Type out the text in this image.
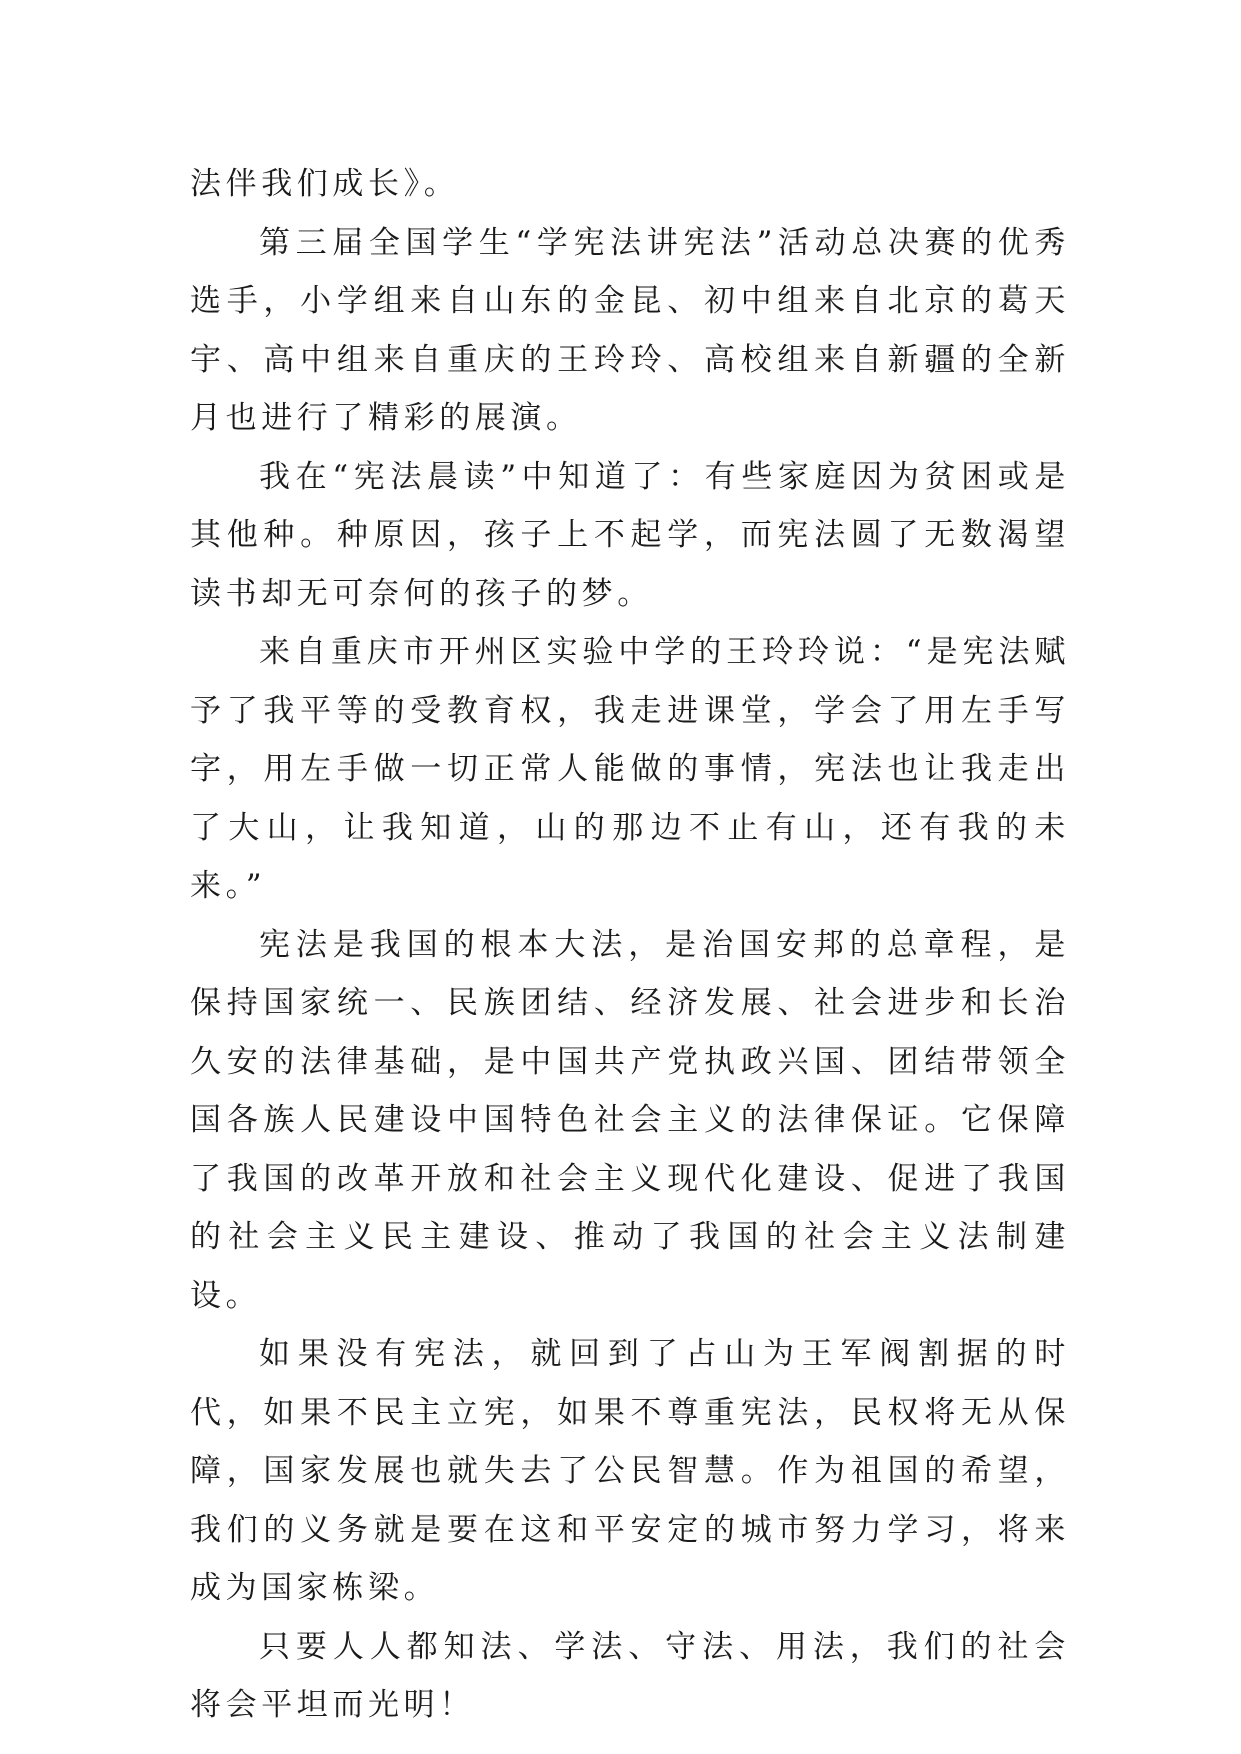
法伴我们成长》。

第三届全国学生“学宪法讲宪法”活动总决赛的优秀选手，小学组来自山东的金昆、初中组来自北京的葛天宇、高中组来自重庆的王玲玲、高校组来自新疆的全新月也进行了精彩的展演。

我在“宪法晨读”中知道了：有些家庭因为贫困或是其他种。种原因，孩子上不起学，而宪法圆了无数渴望读书却无可奈何的孩子的梦。

来自重庆市开州区实验中学的王玲玲说：“是宪法赋予了我平等的受教育权，我走进课堂，学会了用左手写字，用左手做一切正常人能做的事情，宪法也让我走出了大山，让我知道，山的那边不止有山，还有我的未来。”

宪法是我国的根本大法，是治国安邦的总章程，是保持国家统一、民族团结、经济发展、社会进步和长治久安的法律基础，是中国共产党执政兴国、团结带领全国各族人民建设中国特色社会主义的法律保证。它保障了我国的改革开放和社会主义现代化建设、促进了我国的社会主义民主建设、推动了我国的社会主义法制建设。

如果没有宪法，就回到了占山为王军阀割据的时代，如果不民主立宪，如果不尊重宪法，民权将无从保障，国家发展也就失去了公民智慧。作为祖国的希望，我们的义务就是要在这和平安定的城市努力学习，将来成为国家栋梁。

只要人人都知法、学法、守法、用法，我们的社会将会平坦而光明！
